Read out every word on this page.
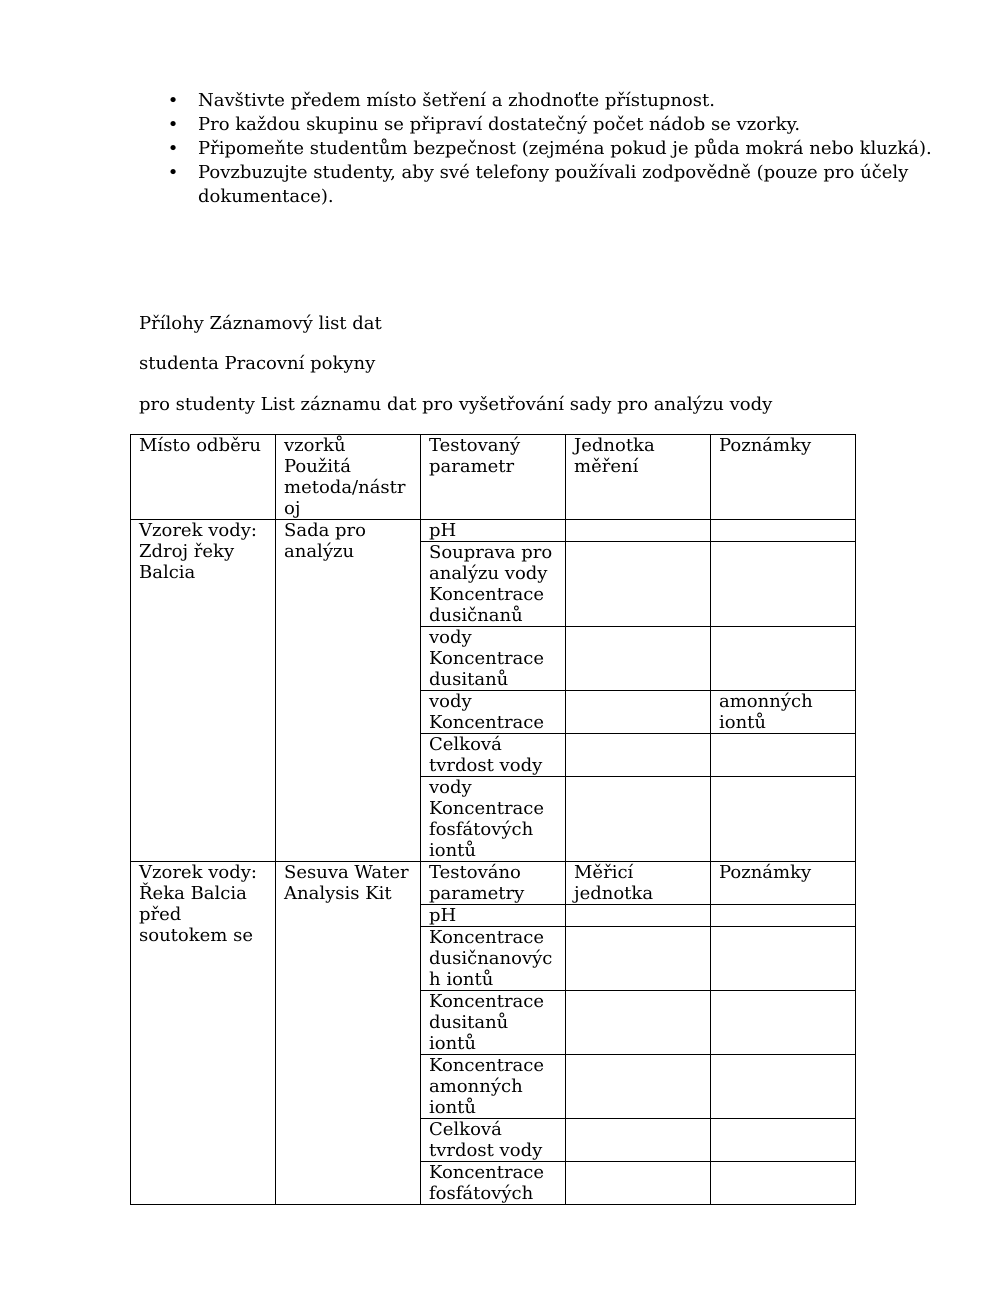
• Navštivte předem místo šetření a zhodnoťte přístupnost.
• Pro každou skupinu se připraví dostatečný počet nádob se vzorky.
• Připomeňte studentům bezpečnost (zejména pokud je půda mokrá nebo kluzká).
• Povzbuzujte studenty, aby své telefony používali zodpovědně (pouze pro účely dokumentace).
Přílohy Záznamový list dat
studenta Pracovní pokyny
pro studenty List záznamu dat pro vyšetřování sady pro analýzu vody
Místo odběru	vzorků Použitá metoda/nástr oj	Testovaný parametr	Jednotka měření	Poznámky
Vzorek vody: Zdroj řeky Balcia	Sada pro analýzu	pH		
		Souprava pro analýzu vody Koncentrace dusičnanů		
		vody Koncentrace dusitanů		
		vody Koncentrace		amonných iontů
		Celková tvrdost vody		
		vody Koncentrace fosfátových iontů		
Vzorek vody: Řeka Balcia před soutokem se	Sesuva Water Analysis Kit	Testováno parametry	Měřicí jednotka	Poznámky
		pH		
		Koncentrace dusičnanovýc h iontů		
		Koncentrace dusitanů iontů		
		Koncentrace amonných iontů		
		Celková tvrdost vody		
		Koncentrace fosfátových		
